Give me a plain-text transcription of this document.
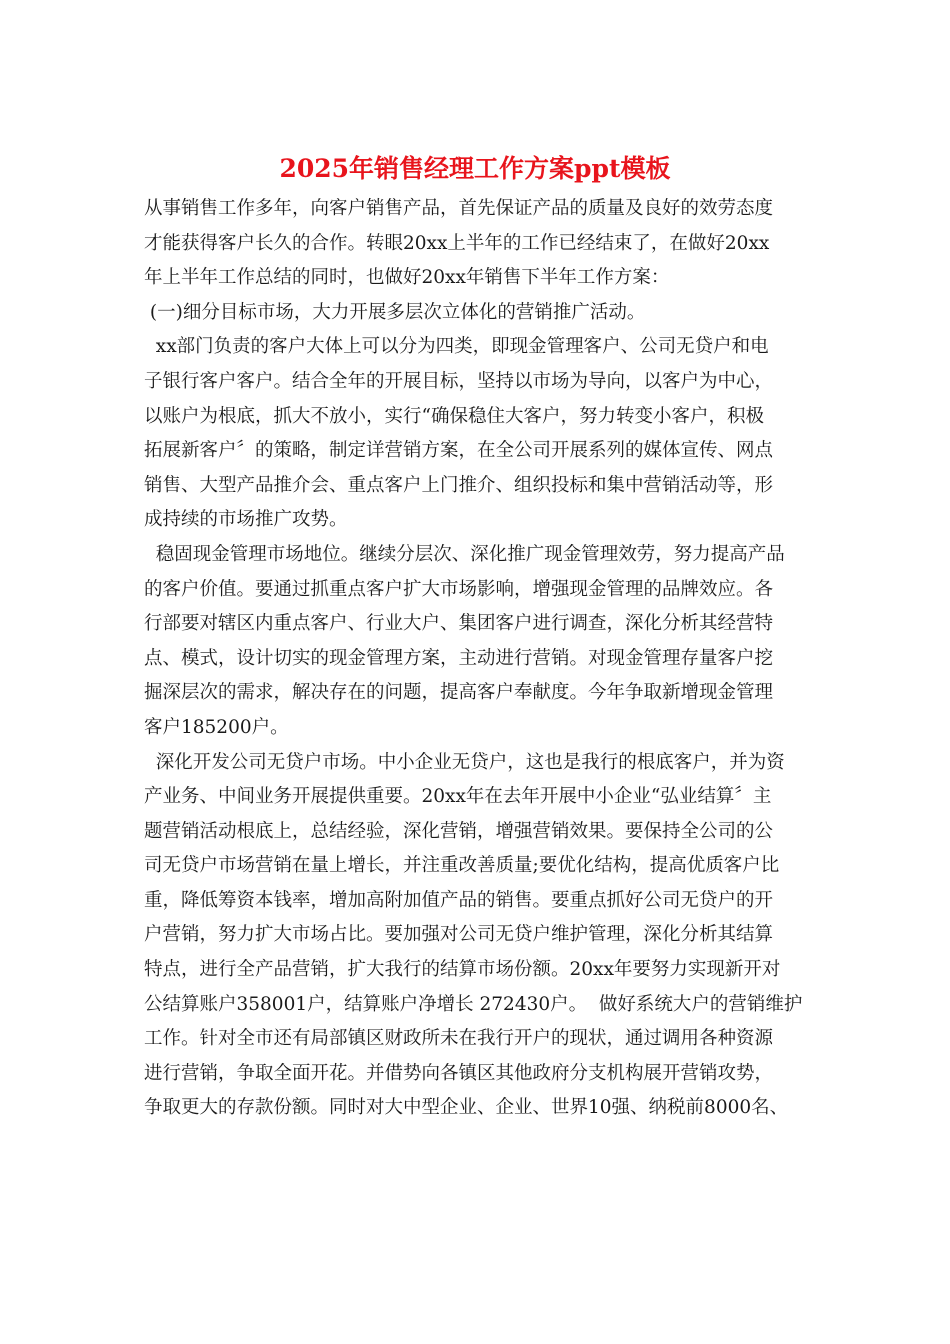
2025年销售经理工作方案ppt模板
从事销售工作多年，向客户销售产品，首先保证产品的质量及良好的效劳态度
才能获得客户长久的合作。转眼20xx上半年的工作已经结束了，在做好20xx
年上半年工作总结的同时，也做好20xx年销售下半年工作方案：
(一)细分目标市场，大力开展多层次立体化的营销推广活动。
xx部门负责的客户大体上可以分为四类，即现金管理客户、公司无贷户和电
子银行客户客户。结合全年的开展目标，坚持以市场为导向，以客户为中心，
以账户为根底，抓大不放小，实行“确保稳住大客户，努力转变小客户，积极
拓展新客户〞的策略，制定详营销方案，在全公司开展系列的媒体宣传、网点
销售、大型产品推介会、重点客户上门推介、组织投标和集中营销活动等，形
成持续的市场推广攻势。
稳固现金管理市场地位。继续分层次、深化推广现金管理效劳，努力提高产品
的客户价值。要通过抓重点客户扩大市场影响，增强现金管理的品牌效应。各
行部要对辖区内重点客户、行业大户、集团客户进行调查，深化分析其经营特
点、模式，设计切实的现金管理方案，主动进行营销。对现金管理存量客户挖
掘深层次的需求，解决存在的问题，提高客户奉献度。今年争取新增现金管理
客户185200户。
深化开发公司无贷户市场。中小企业无贷户，这也是我行的根底客户，并为资
产业务、中间业务开展提供重要。20xx年在去年开展中小企业“弘业结算〞主
题营销活动根底上，总结经验，深化营销，增强营销效果。要保持全公司的公
司无贷户市场营销在量上增长，并注重改善质量;要优化结构，提高优质客户比
重，降低筹资本钱率，增加高附加值产品的销售。要重点抓好公司无贷户的开
户营销，努力扩大市场占比。要加强对公司无贷户维护管理，深化分析其结算
特点，进行全产品营销，扩大我行的结算市场份额。20xx年要努力实现新开对
公结算账户358001户，结算账户净增长 272430户。  做好系统大户的营销维护
工作。针对全市还有局部镇区财政所未在我行开户的现状，通过调用各种资源
进行营销，争取全面开花。并借势向各镇区其他政府分支机构展开营销攻势，
争取更大的存款份额。同时对大中型企业、企业、世界10强、纳税前8000名、
